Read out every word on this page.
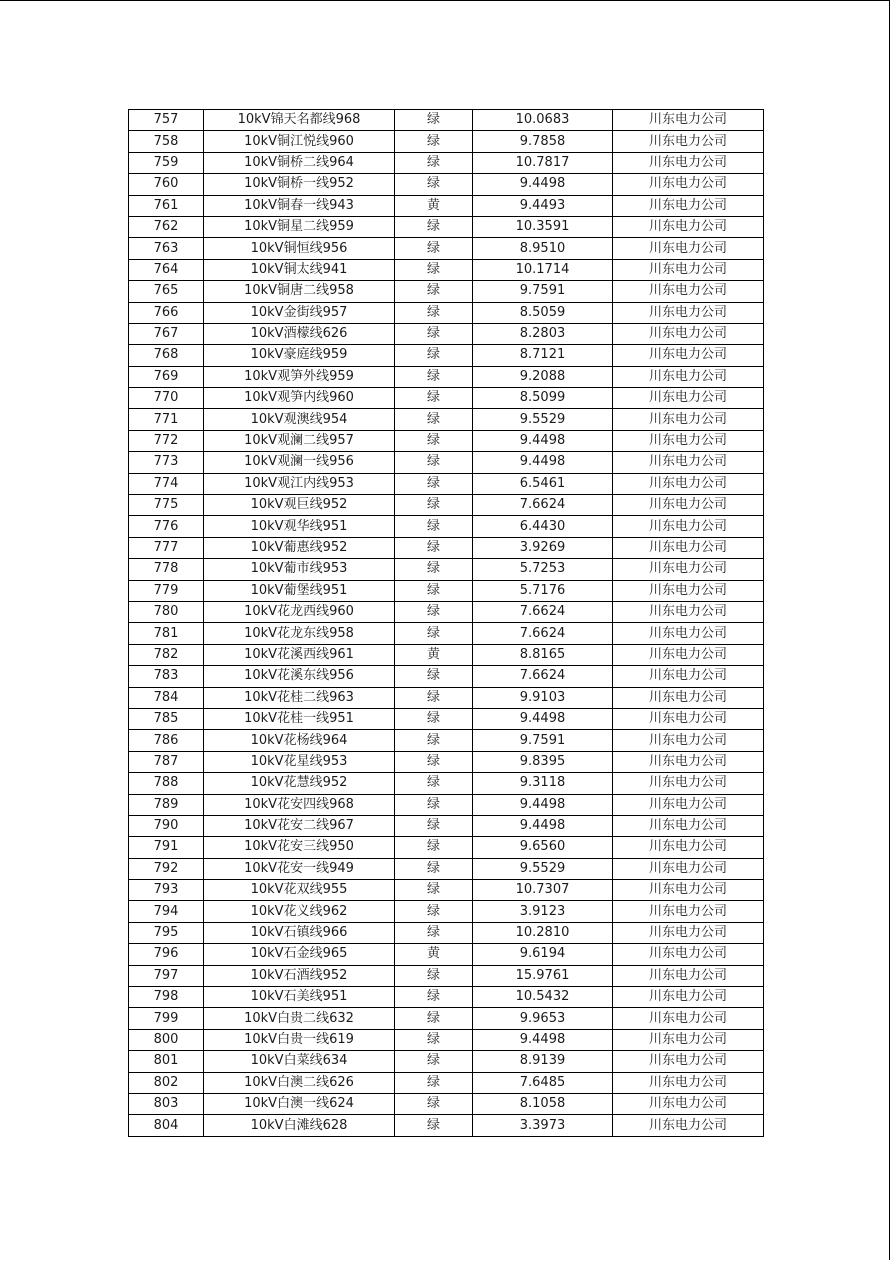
757	10kV锦天名都线968	绿	10.0683	川东电力公司
758	10kV铜江悦线960	绿	9.7858	川东电力公司
759	10kV铜桥二线964	绿	10.7817	川东电力公司
760	10kV铜桥一线952	绿	9.4498	川东电力公司
761	10kV铜春一线943	黄	9.4493	川东电力公司
762	10kV铜星二线959	绿	10.3591	川东电力公司
763	10kV铜恒线956	绿	8.9510	川东电力公司
764	10kV铜太线941	绿	10.1714	川东电力公司
765	10kV铜唐二线958	绿	9.7591	川东电力公司
766	10kV金街线957	绿	8.5059	川东电力公司
767	10kV酒檬线626	绿	8.2803	川东电力公司
768	10kV豪庭线959	绿	8.7121	川东电力公司
769	10kV观笋外线959	绿	9.2088	川东电力公司
770	10kV观笋内线960	绿	8.5099	川东电力公司
771	10kV观澳线954	绿	9.5529	川东电力公司
772	10kV观澜二线957	绿	9.4498	川东电力公司
773	10kV观澜一线956	绿	9.4498	川东电力公司
774	10kV观江内线953	绿	6.5461	川东电力公司
775	10kV观巨线952	绿	7.6624	川东电力公司
776	10kV观华线951	绿	6.4430	川东电力公司
777	10kV葡惠线952	绿	3.9269	川东电力公司
778	10kV葡市线953	绿	5.7253	川东电力公司
779	10kV葡堡线951	绿	5.7176	川东电力公司
780	10kV花龙西线960	绿	7.6624	川东电力公司
781	10kV花龙东线958	绿	7.6624	川东电力公司
782	10kV花溪西线961	黄	8.8165	川东电力公司
783	10kV花溪东线956	绿	7.6624	川东电力公司
784	10kV花桂二线963	绿	9.9103	川东电力公司
785	10kV花桂一线951	绿	9.4498	川东电力公司
786	10kV花杨线964	绿	9.7591	川东电力公司
787	10kV花星线953	绿	9.8395	川东电力公司
788	10kV花慧线952	绿	9.3118	川东电力公司
789	10kV花安四线968	绿	9.4498	川东电力公司
790	10kV花安二线967	绿	9.4498	川东电力公司
791	10kV花安三线950	绿	9.6560	川东电力公司
792	10kV花安一线949	绿	9.5529	川东电力公司
793	10kV花双线955	绿	10.7307	川东电力公司
794	10kV花义线962	绿	3.9123	川东电力公司
795	10kV石镇线966	绿	10.2810	川东电力公司
796	10kV石金线965	黄	9.6194	川东电力公司
797	10kV石酒线952	绿	15.9761	川东电力公司
798	10kV石美线951	绿	10.5432	川东电力公司
799	10kV白贵二线632	绿	9.9653	川东电力公司
800	10kV白贵一线619	绿	9.4498	川东电力公司
801	10kV白菜线634	绿	8.9139	川东电力公司
802	10kV白澳二线626	绿	7.6485	川东电力公司
803	10kV白澳一线624	绿	8.1058	川东电力公司
804	10kV白滩线628	绿	3.3973	川东电力公司
